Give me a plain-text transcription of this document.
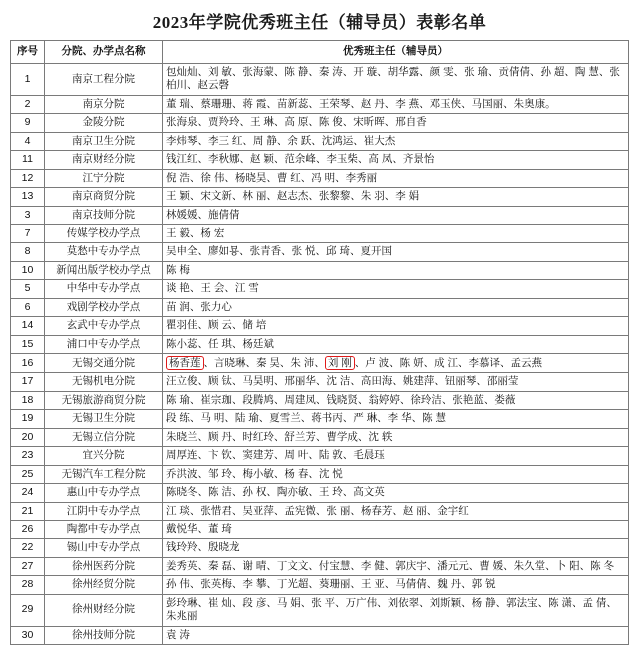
2023年学院优秀班主任（辅导员）表彰名单
序号	分院、办学点名称	优秀班主任（辅导员）
1	南京工程分院	包灿灿、刘 敏、张海蒙、陈 静、秦 涛、开 璇、胡华露、颜 雯、张 瑜、贡倩倩、孙 超、陶 慧、张柏川、赵云磬
2	南京分院	董 瑞、蔡珊珊、蒋 霞、苗新蕊、王荣琴、赵 丹、李 燕、邓玉侠、马国丽、朱奥康。
9	金陵分院	张海泉、贾羚玲、王 琳、高 原、陈 俊、宋昕晖、邢自香
4	南京卫生分院	李炜琴、李三 红、周 静、余 跃、沈鸿运、崔大杰
11	南京财经分院	钱江红、李秋娜、赵 颖、范余峰、李玉柴、高 凤、齐景怡
12	江宁分院	倪 浩、徐 伟、杨晓昊、曹 红、冯 明、李秀丽
13	南京商贸分院	王 颖、宋文新、林 丽、赵志杰、张黎黎、朱 羽、李 娟
3	南京技师分院	林媛媛、施倩倩
7	传媒学校办学点	王 毅、杨 宏
8	莫愁中专办学点	吴申全、廖如묭、张青香、张 悦、邱 琦、夏开国
10	新闻出版学校办学点	陈 梅
5	中华中专办学点	谈 艳、王 会、江 雪
6	戏剧学校办学点	苗 润、张力心
14	玄武中专办学点	瞿羽佳、顾 云、储 培
15	浦口中专办学点	陈小蕊、任 琪、杨廷斌
16	无锡交通分院	杨香莲 、言晓琳、秦 昊、朱 沛、 刘 刚 、卢 波、陈 妍、成 江、李慕译、孟云燕
17	无锡机电分院	汪立俊、顾 钛、马昊明、邢丽华、沈 洁、高田海、姚建萍、钮丽琴、邵丽莹
18	无锡旅游商贸分院	陈 瑜、崔宗珈、段腾鸠、周建凤、钱晓贤、翁婷婷、徐玲洁、张艳蓝、娄薇
19	无锡卫生分院	段 练、马 明、陆 瑜、夏雪兰、蒋书丙、严 琳、李 华、陈 慧
20	无锡立信分院	朱晓兰、顾 丹、时红玲、舒兰芳、曹学成、沈 轶
23	宜兴分院	周厚连、卞 钦、窦建芳、周 叶、陆 敦、毛晨珏
25	无锡汽车工程分院	乔洪波、邹 玲、梅小敏、杨 春、沈 悦
24	惠山中专办学点	陈晓冬、陈 洁、孙 权、陶亦敏、王 玲、高文英
21	江阴中专办学点	江 琰、张惜君、吴亚萍、孟宪微、张 丽、杨春芳、赵 丽、金宇红
26	陶都中专办学点	戴悦华、董 琦
22	锡山中专办学点	钱玲羚、殷晓龙
27	徐州医药分院	姜秀英、秦 磊、谢 晴、丁文文、付宝慧、李 健、郭庆宇、潘元元、曹 媛、朱久堂、卜 阳、陈 冬
28	徐州经贸分院	孙 伟、张英梅、李 攀、丁光超、葵珊丽、王 亚、马倩倩、魏 丹、郭 锐
29	徐州财经分院	彭玲琳、崔 灿、段 彦、马 娟、张 平、万广伟、刘依翠、刘斯颖、杨 静、郭法宝、陈 潇、孟 倩、朱兆丽
30	徐州技师分院	袁 涛
